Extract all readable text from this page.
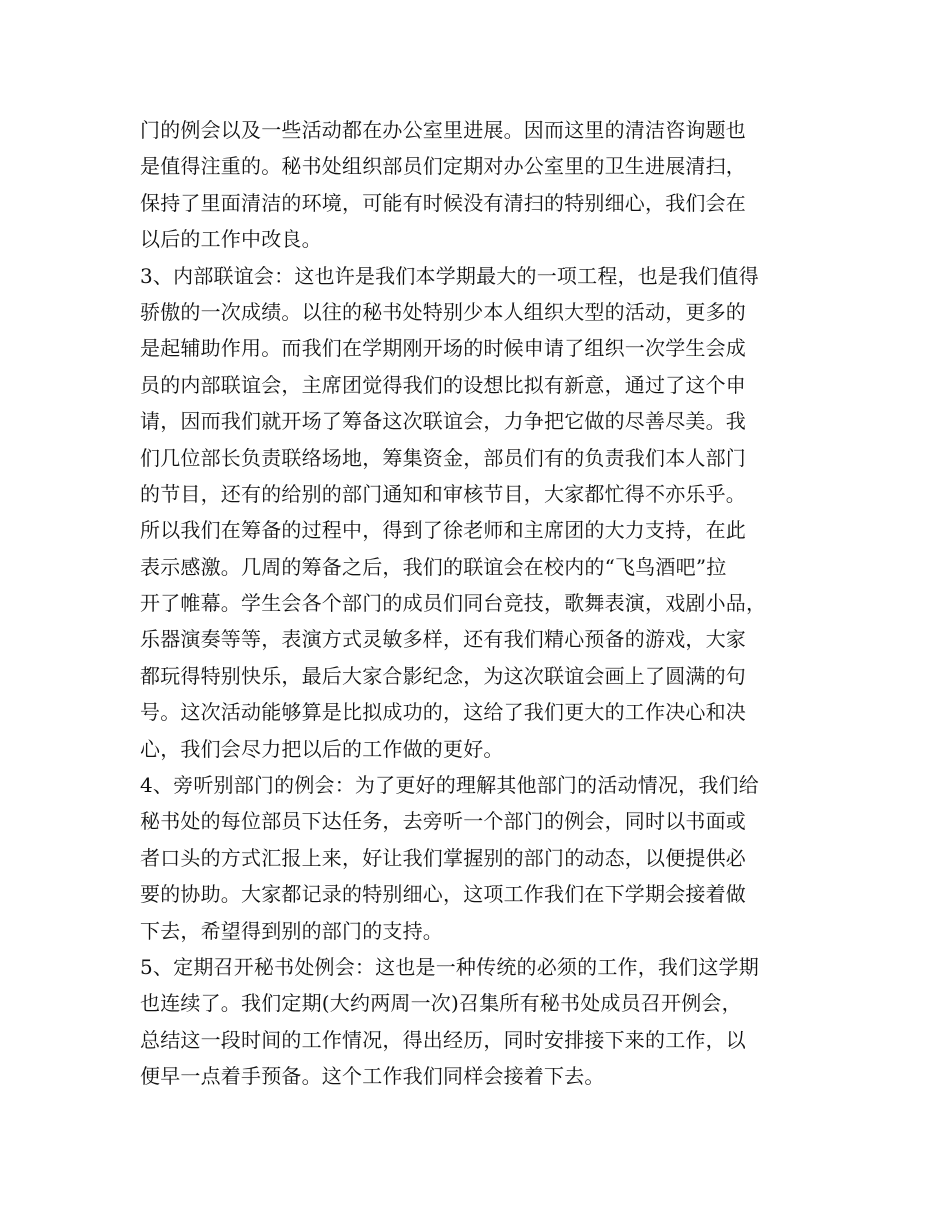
门的例会以及一些活动都在办公室里进展。因而这里的清洁咨询题也
是值得注重的。秘书处组织部员们定期对办公室里的卫生进展清扫，
保持了里面清洁的环境，可能有时候没有清扫的特别细心，我们会在
以后的工作中改良。
3、内部联谊会：这也许是我们本学期最大的一项工程，也是我们值得
骄傲的一次成绩。以往的秘书处特别少本人组织大型的活动，更多的
是起辅助作用。而我们在学期刚开场的时候申请了组织一次学生会成
员的内部联谊会，主席团觉得我们的设想比拟有新意，通过了这个申
请，因而我们就开场了筹备这次联谊会，力争把它做的尽善尽美。我
们几位部长负责联络场地，筹集资金，部员们有的负责我们本人部门
的节目，还有的给别的部门通知和审核节目，大家都忙得不亦乐乎。
所以我们在筹备的过程中，得到了徐老师和主席团的大力支持，在此
表示感激。几周的筹备之后，我们的联谊会在校内的“飞鸟酒吧”拉
开了帷幕。学生会各个部门的成员们同台竞技，歌舞表演，戏剧小品，
乐器演奏等等，表演方式灵敏多样，还有我们精心预备的游戏，大家
都玩得特别快乐，最后大家合影纪念，为这次联谊会画上了圆满的句
号。这次活动能够算是比拟成功的，这给了我们更大的工作决心和决
心，我们会尽力把以后的工作做的更好。
4、旁听别部门的例会：为了更好的理解其他部门的活动情况，我们给
秘书处的每位部员下达任务，去旁听一个部门的例会，同时以书面或
者口头的方式汇报上来，好让我们掌握别的部门的动态，以便提供必
要的协助。大家都记录的特别细心，这项工作我们在下学期会接着做
下去，希望得到别的部门的支持。
5、定期召开秘书处例会：这也是一种传统的必须的工作，我们这学期
也连续了。我们定期(大约两周一次)召集所有秘书处成员召开例会，
总结这一段时间的工作情况，得出经历，同时安排接下来的工作，以
便早一点着手预备。这个工作我们同样会接着下去。
